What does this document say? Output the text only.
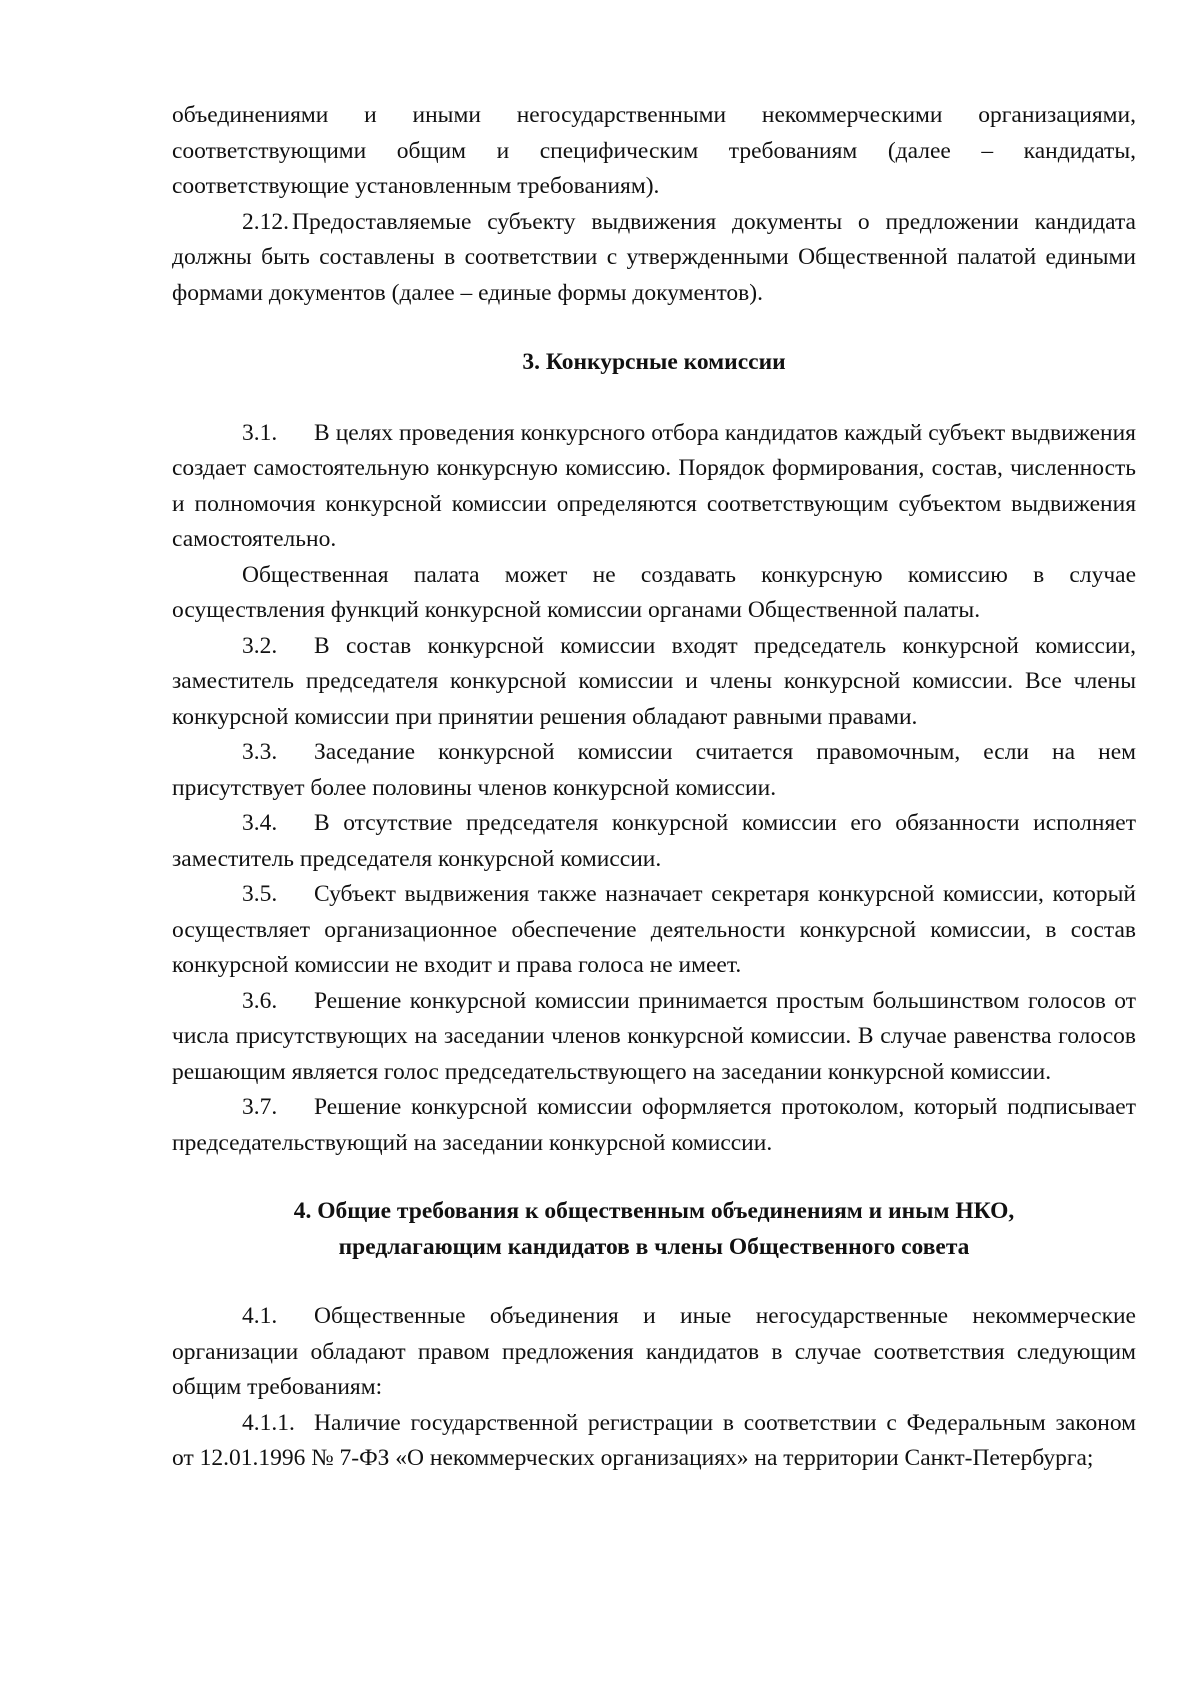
объединениями и иными негосударственными некоммерческими организациями, соответствующими общим и специфическим требованиям (далее – кандидаты, соответствующие установленным требованиям).

2.12. Предоставляемые субъекту выдвижения документы о предложении кандидата должны быть составлены в соответствии с утвержденными Общественной палатой едиными формами документов (далее – единые формы документов).

3. Конкурсные комиссии

3.1. В целях проведения конкурсного отбора кандидатов каждый субъект выдвижения создает самостоятельную конкурсную комиссию. Порядок формирования, состав, численность и полномочия конкурсной комиссии определяются соответствующим субъектом выдвижения самостоятельно.

Общественная палата может не создавать конкурсную комиссию в случае осуществления функций конкурсной комиссии органами Общественной палаты.

3.2. В состав конкурсной комиссии входят председатель конкурсной комиссии, заместитель председателя конкурсной комиссии и члены конкурсной комиссии. Все члены конкурсной комиссии при принятии решения обладают равными правами.

3.3. Заседание конкурсной комиссии считается правомочным, если на нем присутствует более половины членов конкурсной комиссии.

3.4. В отсутствие председателя конкурсной комиссии его обязанности исполняет заместитель председателя конкурсной комиссии.

3.5. Субъект выдвижения также назначает секретаря конкурсной комиссии, который осуществляет организационное обеспечение деятельности конкурсной комиссии, в состав конкурсной комиссии не входит и права голоса не имеет.

3.6. Решение конкурсной комиссии принимается простым большинством голосов от числа присутствующих на заседании членов конкурсной комиссии. В случае равенства голосов решающим является голос председательствующего на заседании конкурсной комиссии.

3.7. Решение конкурсной комиссии оформляется протоколом, который подписывает председательствующий на заседании конкурсной комиссии.

4. Общие требования к общественным объединениям и иным НКО,

предлагающим кандидатов в члены Общественного совета

4.1. Общественные объединения и иные негосударственные некоммерческие организации обладают правом предложения кандидатов в случае соответствия следующим общим требованиям:

4.1.1. Наличие государственной регистрации в соответствии с Федеральным законом от 12.01.1996 № 7-ФЗ «О некоммерческих организациях» на территории Санкт-Петербурга;
